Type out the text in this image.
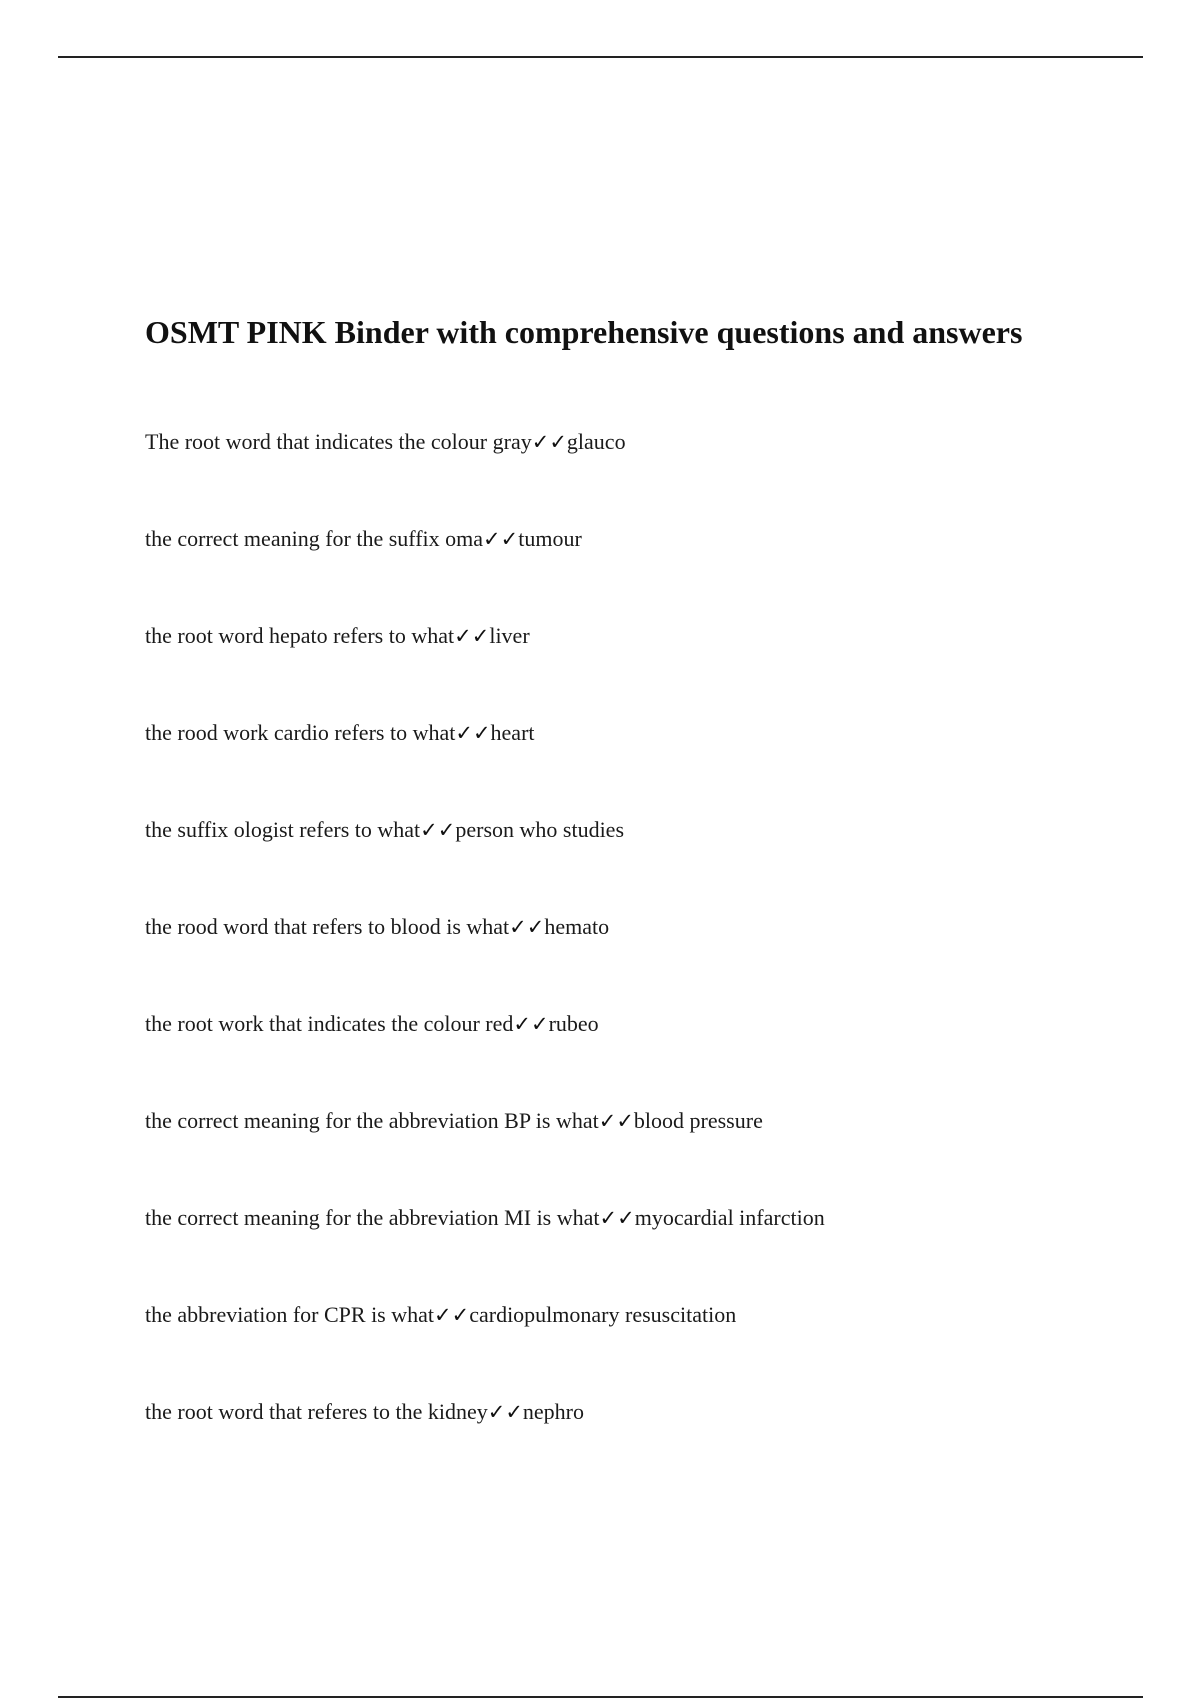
OSMT PINK Binder with comprehensive questions and answers
The root word that indicates the colour gray✓✓glauco
the correct meaning for the suffix oma✓✓tumour
the root word hepato refers to what✓✓liver
the rood work cardio refers to what✓✓heart
the suffix ologist refers to what✓✓person who studies
the rood word that refers to blood is what✓✓hemato
the root work that indicates the colour red✓✓rubeo
the correct meaning for the abbreviation BP is what✓✓blood pressure
the correct meaning for the abbreviation MI is what✓✓myocardial infarction
the abbreviation for CPR is what✓✓cardiopulmonary resuscitation
the root word that referes to the kidney✓✓nephro
